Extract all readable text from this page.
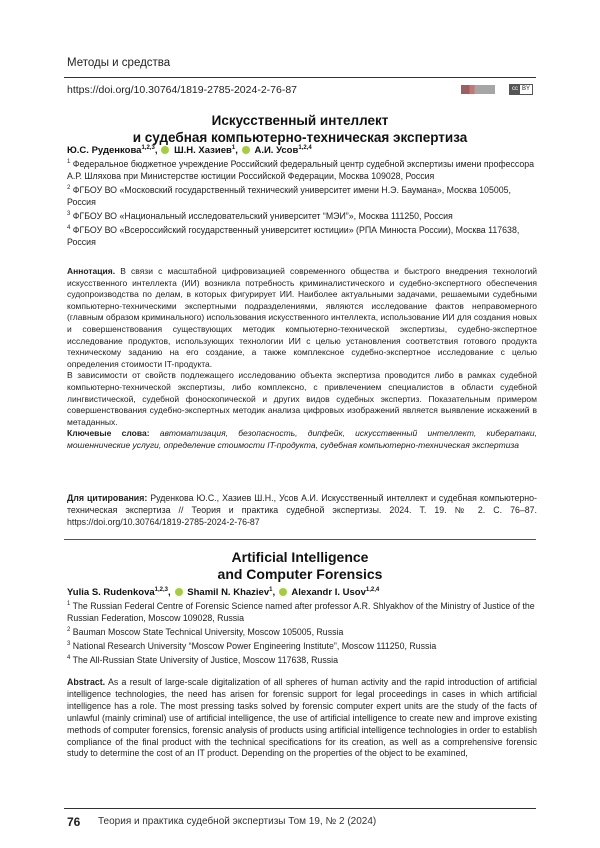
Методы и средства
https://doi.org/10.30764/1819-2785-2024-2-76-87	cc BY
Искусственный интеллект
и судебная компьютерно-техническая экспертиза
Ю.С. Руденкова$^{1,2,3}$, Ш.Н. Хазиев$^1$, А.И. Усов$^{1,2,4}$
$^1$ Федеральное бюджетное учреждение Российский федеральный центр судебной экспертизы имени профессора А.Р. Шляхова при Министерстве юстиции Российской Федерации, Москва 109028, Россия
$^2$ ФГБОУ ВО «Московский государственный технический университет имени Н.Э. Баумана», Москва 105005, Россия
$^3$ ФГБОУ ВО «Национальный исследовательский университет “МЭИ”», Москва 111250, Россия
$^4$ ФГБОУ ВО «Всероссийский государственный университет юстиции» (РПА Минюста России), Москва 117638, Россия

Аннотация. В связи с масштабной цифровизацией современного общества и быстрого внедрения технологий искусственного интеллекта (ИИ) возникла потребность криминалистического и судебно-экспертного обеспечения судопроизводства по делам, в которых фигурирует ИИ. Наиболее актуальными задачами, решаемыми судебными компьютерно-техническими экспертными подразделениями, являются исследование фактов неправомерного (главным образом криминального) использования искусственного интеллекта, использование ИИ для создания новых и совершенствования существующих методик компьютерно-технической экспертизы, судебно-экспертное исследование продуктов, использующих технологии ИИ с целью установления соответствия готового продукта техническому заданию на его создание, а также комплексное судебно-экспертное исследование с целью определения стоимости IT-продукта.

В зависимости от свойств подлежащего исследованию объекта экспертиза проводится либо в рамках судебной компьютерно-технической экспертизы, либо комплексно, с привлечением специалистов в области судебной лингвистической, судебной фоноскопической и других видов судебных экспертиз. Показательным примером совершенствования судебно-экспертных методик анализа цифровых изображений является выявление искажений в метаданных.

Ключевые слова: автоматизация, безопасность, дипфейк, искусственный интеллект, кибератаки, мошеннические услуги, определение стоимости IT-продукта, судебная компьютерно-техническая экспертиза

Для цитирования: Руденкова Ю.С., Хазиев Ш.Н., Усов А.И. Искусственный интеллект и судебная компьютерно-техническая экспертиза // Теория и практика судебной экспертизы. 2024. Т. 19. № 2. С. 76–87. https://doi.org/10.30764/1819-2785-2024-2-76-87
Artificial Intelligence
and Computer Forensics
Yulia S. Rudenkova$^{1,2,3}$, Shamil N. Khaziev$^1$, Alexandr I. Usov$^{1,2,4}$
$^1$ The Russian Federal Centre of Forensic Science named after professor A.R. Shlyakhov of the Ministry of Justice of the Russian Federation, Moscow 109028, Russia
$^2$ Bauman Moscow State Technical University, Moscow 105005, Russia
$^3$ National Research University “Moscow Power Engineering Institute”, Moscow 111250, Russia
$^4$ The All-Russian State University of Justice, Moscow 117638, Russia

Abstract. As a result of large-scale digitalization of all spheres of human activity and the rapid introduction of artificial intelligence technologies, the need has arisen for forensic support for legal proceedings in cases in which artificial intelligence has a role. The most pressing tasks solved by forensic computer expert units are the study of the facts of unlawful (mainly criminal) use of artificial intelligence, the use of artificial intelligence to create new and improve existing methods of computer forensics, forensic analysis of products using artificial intelligence technologies in order to establish compliance of the final product with the technical specifications for its creation, as well as a comprehensive forensic study to determine the cost of an IT product. Depending on the properties of the object to be examined,

76 Теория и практика судебной экспертизы Том 19, № 2 (2024)
